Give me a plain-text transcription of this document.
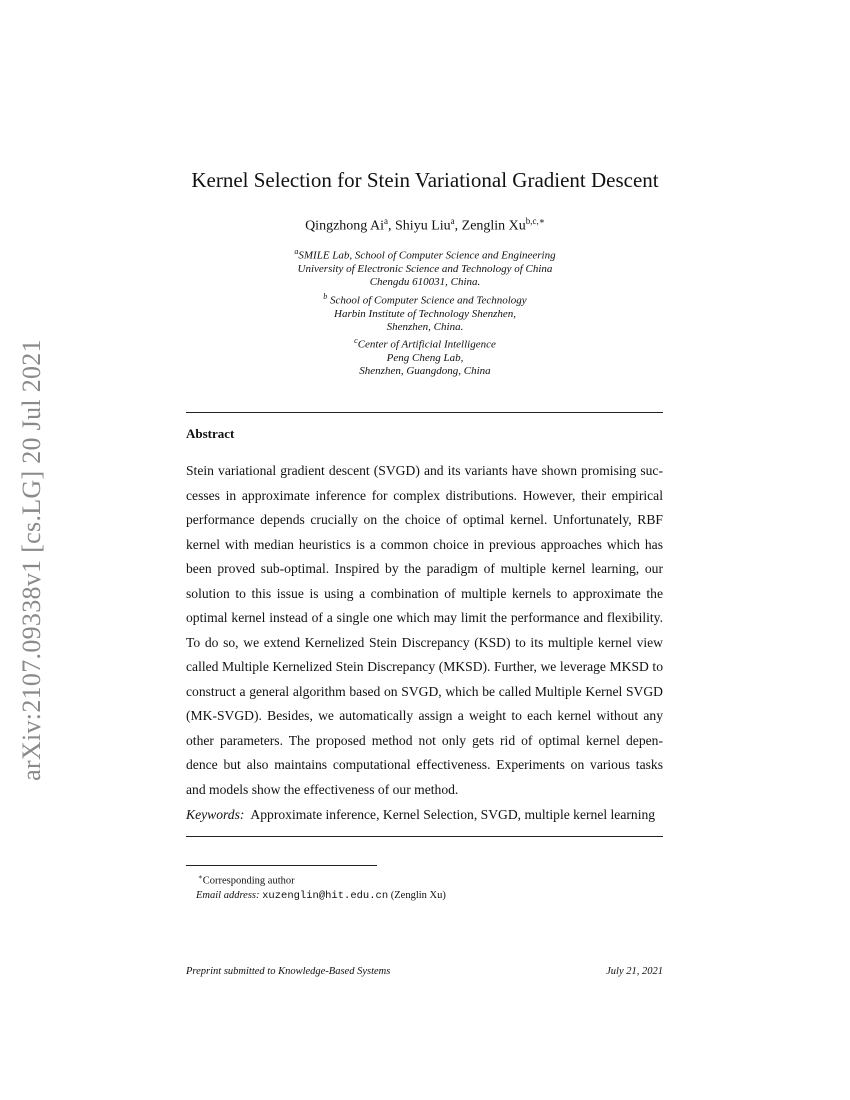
arXiv:2107.09338v1 [cs.LG] 20 Jul 2021
Kernel Selection for Stein Variational Gradient Descent
Qingzhong Ai$^a$, Shiyu Liu$^a$, Zenglin $Xu^{b,c,∗}$
$^a$SMILE Lab, School of Computer Science and Engineering
University of Electronic Science and Technology of China
Chengdu 610031, China.
$^b$ School of Computer Science and Technology
Harbin Institute of Technology Shenzhen,
Shenzhen, China.
$^c$Center of Artificial Intelligence
Peng Cheng Lab,
Shenzhen, Guangdong, China
Abstract
Stein variational gradient descent (SVGD) and its variants have shown promising suc-
cesses in approximate inference for complex distributions. However, their empirical
performance depends crucially on the choice of optimal kernel. Unfortunately, RBF
kernel with median heuristics is a common choice in previous approaches which has
been proved sub-optimal. Inspired by the paradigm of multiple kernel learning, our
solution to this issue is using a combination of multiple kernels to approximate the
optimal kernel instead of a single one which may limit the performance and flexibility.
To do so, we extend Kernelized Stein Discrepancy (KSD) to its multiple kernel view
called Multiple Kernelized Stein Discrepancy (MKSD). Further, we leverage MKSD to
construct a general algorithm based on SVGD, which be called Multiple Kernel SVGD
(MK-SVGD). Besides, we automatically assign a weight to each kernel without any
other parameters. The proposed method not only gets rid of optimal kernel depen-
dence but also maintains computational effectiveness. Experiments on various tasks
and models show the effectiveness of our method.
Keywords: Approximate inference, Kernel Selection, SVGD, multiple kernel learning
∗Corresponding author
Email address: xuzenglin@hit.edu.cn (Zenglin Xu)
Preprint submitted to Knowledge-Based Systems	July 21, 2021
